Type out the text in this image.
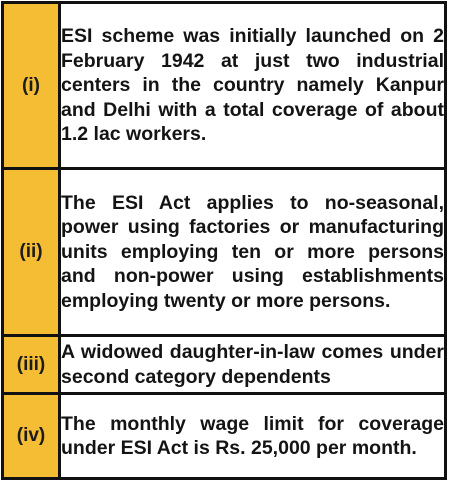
(i)	ESI scheme was initially launched on 2 February 1942 at just two industrial centers in the country namely Kanpur and Delhi with a total coverage of about 1.2 lac workers.
(ii)	The ESI Act applies to no-seasonal, power using factories or manufacturing units employing ten or more persons and non-power using establishments employing twenty or more persons.
(iii)	A widowed daughter-in-law comes under second category dependents
(iv)	The monthly wage limit for coverage under ESI Act is Rs. 25,000 per month.
